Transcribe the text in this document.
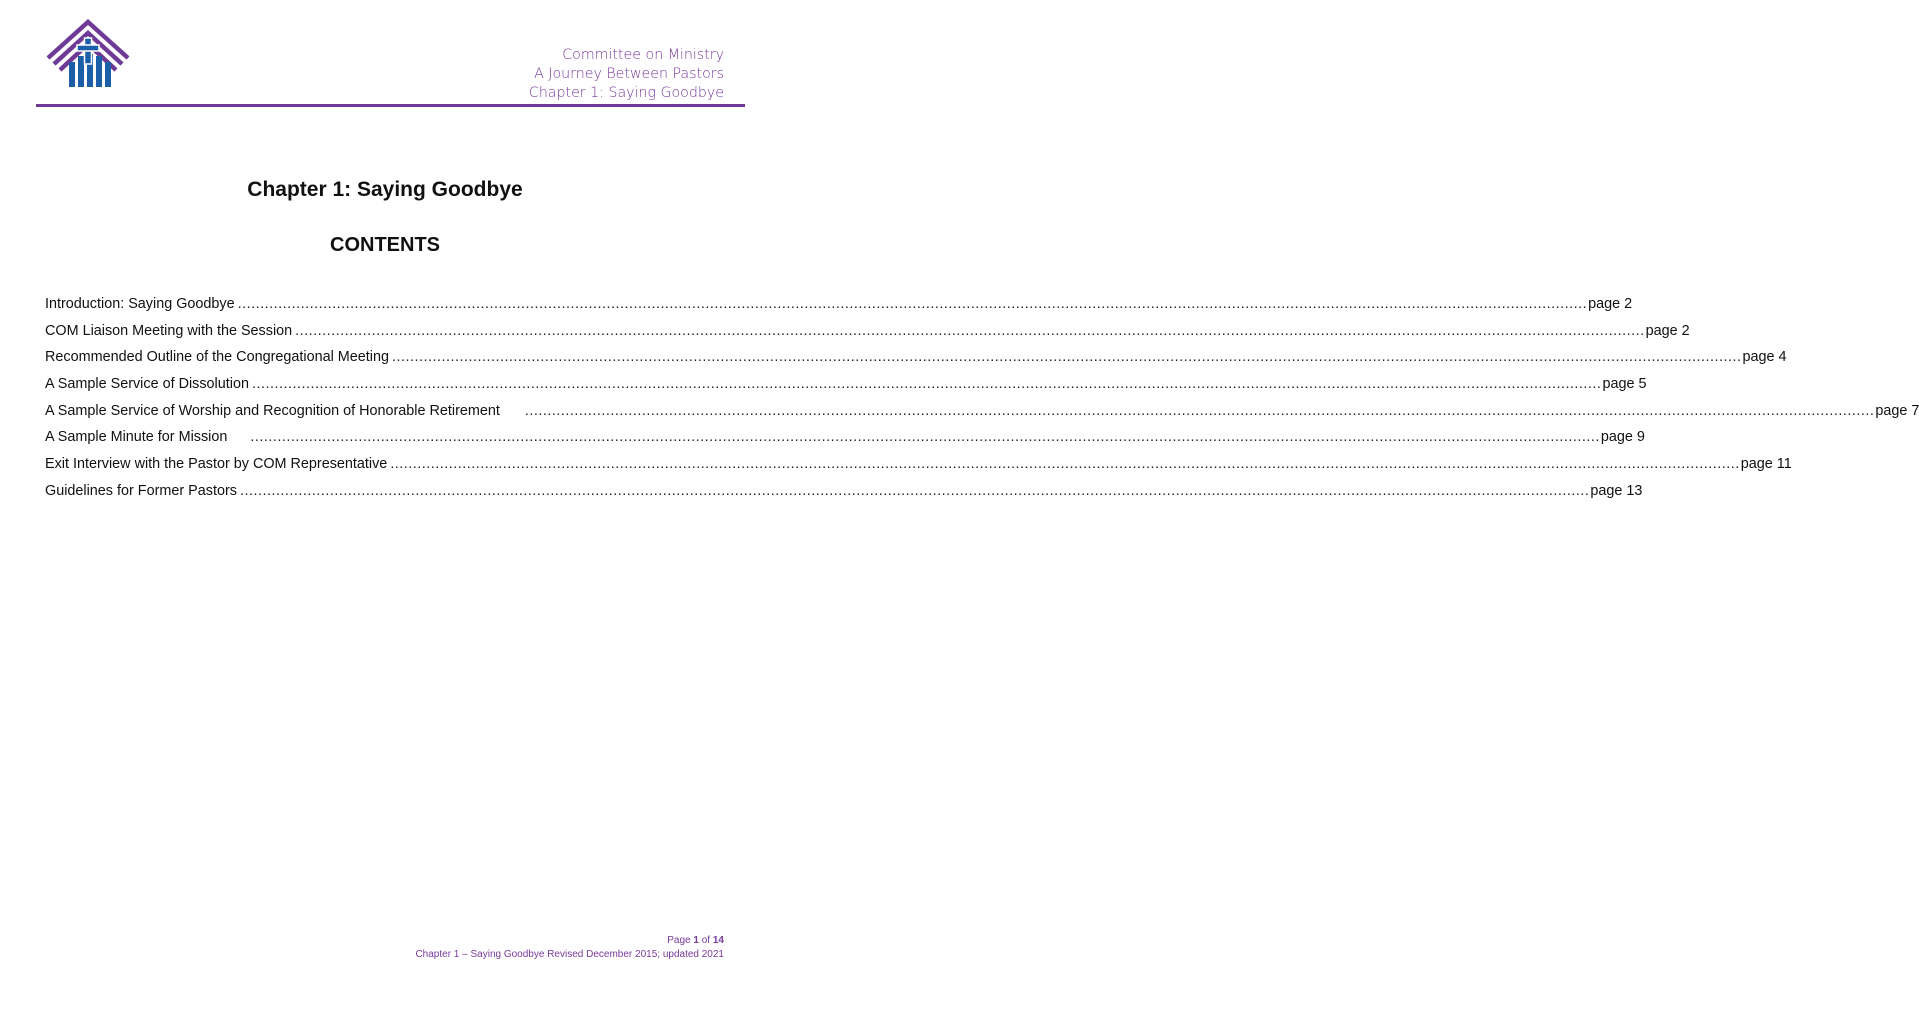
Committee on Ministry
A Journey Between Pastors
Chapter 1: Saying Goodbye
Chapter 1: Saying Goodbye
CONTENTS
Introduction: Saying Goodbye ............................................................................................................................................................................................................................................................................................................ page 2
COM Liaison Meeting with the Session ............................................................................................................................................................................................................................................................................................................ page 2
Recommended Outline of the Congregational Meeting ............................................................................................................................................................................................................................................................................................................ page 4
A Sample Service of Dissolution ............................................................................................................................................................................................................................................................................................................ page 5
A Sample Service of Worship and Recognition of Honorable Retirement ............................................................................................................................................................................................................................................................................................................ page 7
A Sample Minute for Mission ............................................................................................................................................................................................................................................................................................................ page 9
Exit Interview with the Pastor by COM Representative ............................................................................................................................................................................................................................................................................................................ page 11
Guidelines for Former Pastors ............................................................................................................................................................................................................................................................................................................ page 13
Page 1 of 14
Chapter 1 – Saying Goodbye Revised December 2015; updated 2021
